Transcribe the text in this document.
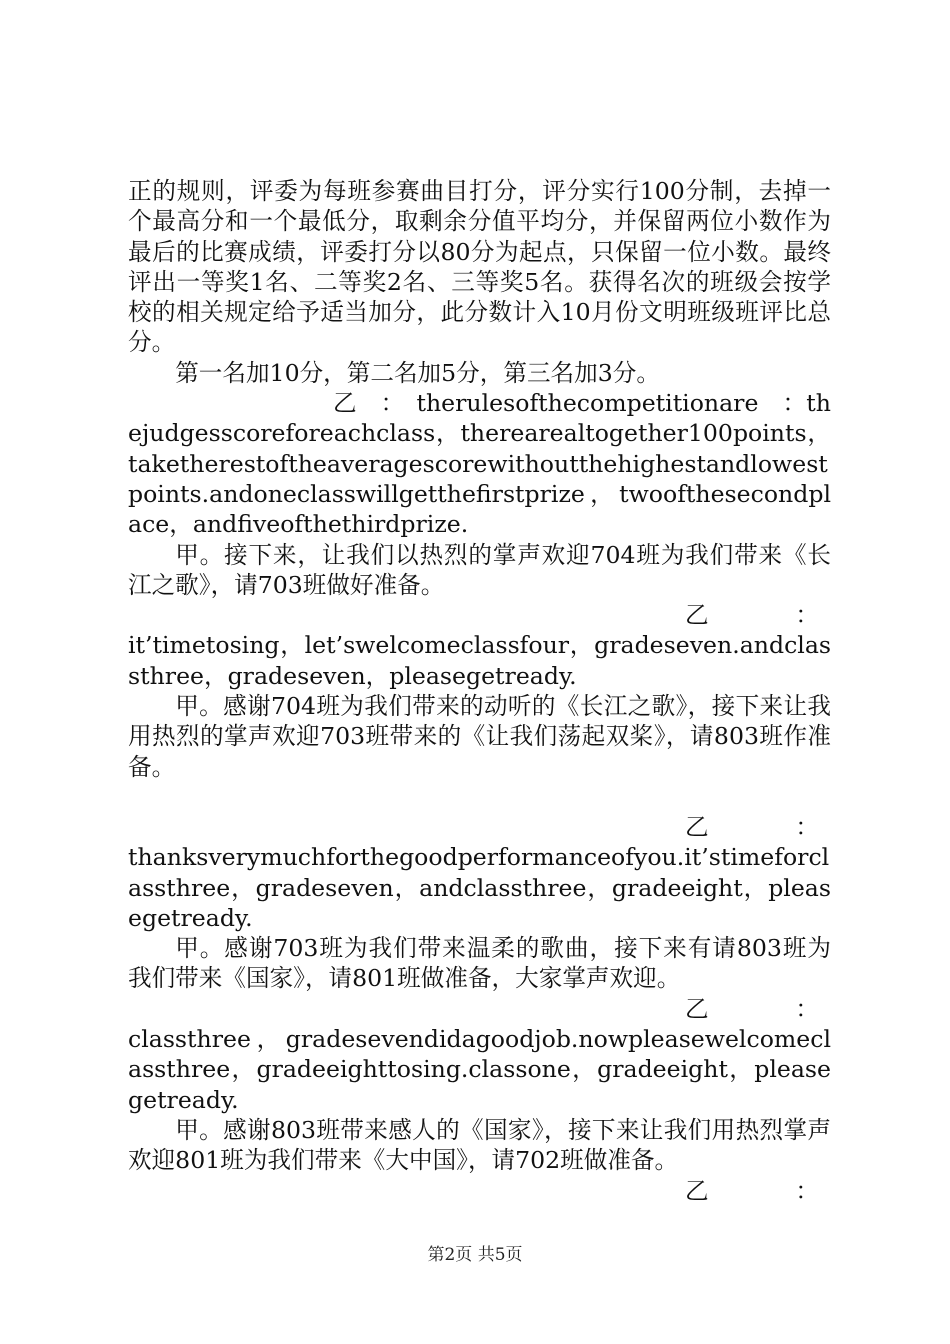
正的规则，评委为每班参赛曲目打分，评分实行100分制，去掉一个最高分和一个最低分，取剩余分值平均分，并保留两位小数作为最后的比赛成绩，评委打分以80分为起点，只保留一位小数。最终评出一等奖1名、二等奖2名、三等奖5名。获得名次的班级会按学校的相关规定给予适当加分，此分数计入10月份文明班级班评比总分。

第一名加10分，第二名加5分，第三名加3分。

乙　：　therulesofthecompetitionare　：thejudgesscoreforeachclass，therearealtogether100points，taketherestoftheaveragescorewithoutthehighestandlowestpoints.andoneclasswillgetthefirstprize，twoofthesecondplace，andfiveofthethirdprize.

甲。接下来，让我们以热烈的掌声欢迎704班为我们带来《长江之歌》，请703班做好准备。

乙	：

it’timetosing，let’swelcomeclassfour，gradeseven.andclassthree，gradeseven，pleasegetready.

甲。感谢704班为我们带来的动听的《长江之歌》，接下来让我用热烈的掌声欢迎703班带来的《让我们荡起双桨》，请803班作准备。

乙	：

thanksverymuchforthegoodperformanceofyou.it’stimeforclassthree，gradeseven，andclassthree，gradeeight，pleasegetready.

甲。感谢703班为我们带来温柔的歌曲，接下来有请803班为我们带来《国家》，请801班做准备，大家掌声欢迎。

乙	：

classthree，gradesevendidagoodjob.nowpleasewelcomeclassthree，gradeeighttosing.classone，gradeeight，pleasegetready.

甲。感谢803班带来感人的《国家》，接下来让我们用热烈掌声欢迎801班为我们带来《大中国》，请702班做准备。

乙	：
第2页 共5页
